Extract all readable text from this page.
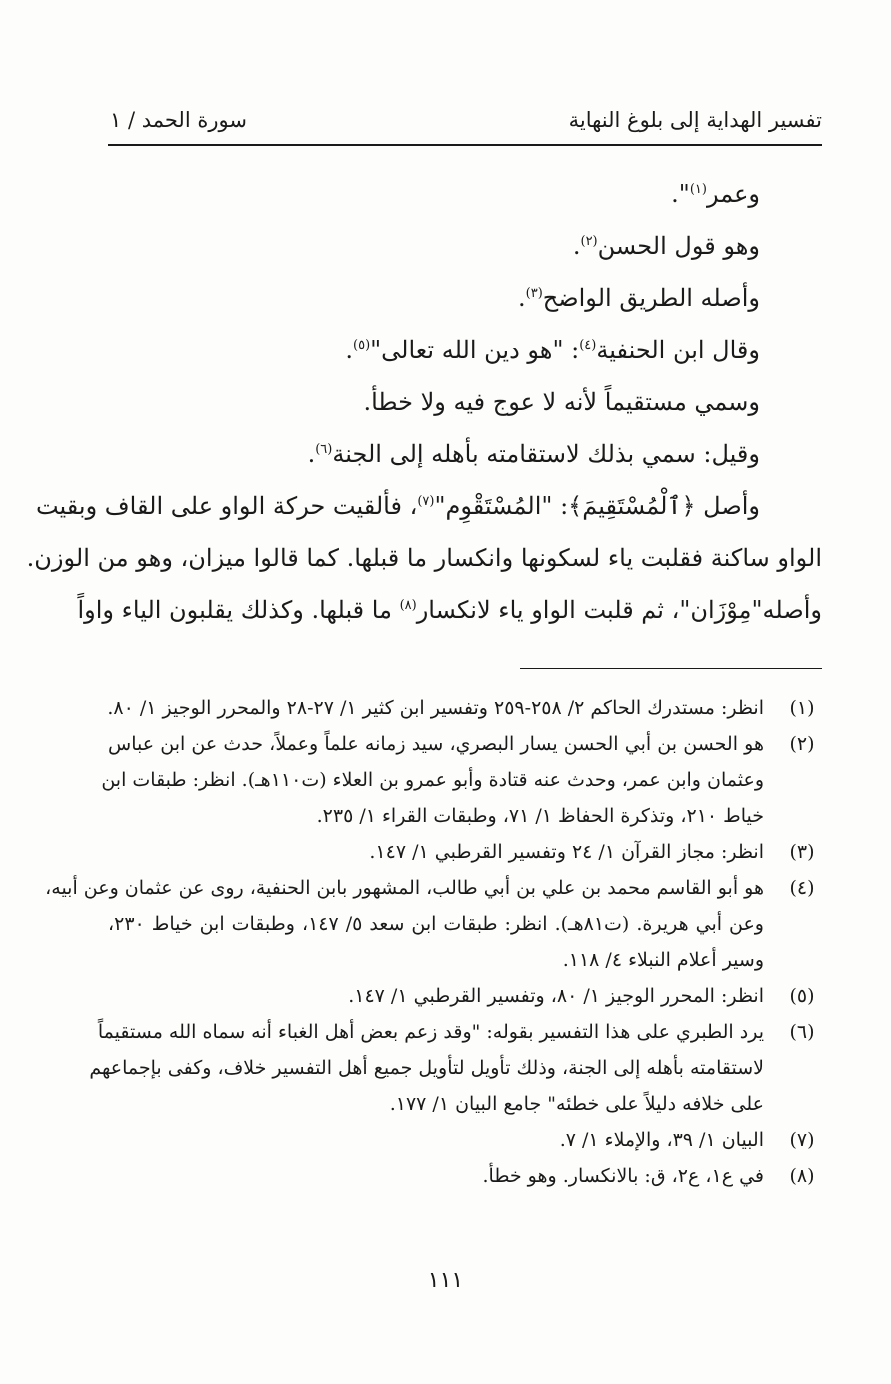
تفسير الهداية إلى بلوغ النهاية
سورة الحمد / ١

وعمر$^{(١)}$".

وهو قول الحسن$^{(٢)}$.

وأصله الطريق الواضح$^{(٣)}$.

وقال ابن الحنفية$^{(٤)}$: "هو دين الله تعالى"$^{(٥)}$.

وسمي مستقيماً لأنه لا عوج فيه ولا خطأ.

وقيل: سمي بذلك لاستقامته بأهله إلى الجنة$^{(٦)}$.

وأصل ﴿ٱلْمُسْتَقِيمَ﴾: "المُسْتَقْوِم"$^{(٧)}$، فألقيت حركة الواو على القاف وبقيت

الواو ساكنة فقلبت ياء لسكونها وانكسار ما قبلها. كما قالوا ميزان، وهو من الوزن.

وأصله"مِوْزَان"، ثم قلبت الواو ياء لانكسار$^{(٨)}$ ما قبلها. وكذلك يقلبون الياء واواً

(١)
انظر: مستدرك الحاكم ٢/ ٢٥٨-٢٥٩ وتفسير ابن كثير ١/ ٢٧-٢٨ والمحرر الوجيز ١/ ٨٠.
(٢)
هو الحسن بن أبي الحسن يسار البصري، سيد زمانه علماً وعملاً، حدث عن ابن عباس
وعثمان وابن عمر، وحدث عنه قتادة وأبو عمرو بن العلاء (ت١١٠هـ). انظر: طبقات ابن
خياط ٢١٠، وتذكرة الحفاظ ١/ ٧١، وطبقات القراء ١/ ٢٣٥.
(٣)
انظر: مجاز القرآن ١/ ٢٤ وتفسير القرطبي ١/ ١٤٧.
(٤)
هو أبو القاسم محمد بن علي بن أبي طالب، المشهور بابن الحنفية، روى عن عثمان وعن أبيه،
وعن أبي هريرة. (ت٨١هـ). انظر: طبقات ابن سعد ٥/ ١٤٧، وطبقات ابن خياط ٢٣٠،
وسير أعلام النبلاء ٤/ ١١٨.
(٥)
انظر: المحرر الوجيز ١/ ٨٠، وتفسير القرطبي ١/ ١٤٧.
(٦)
يرد الطبري على هذا التفسير بقوله: "وقد زعم بعض أهل الغباء أنه سماه الله مستقيماً
لاستقامته بأهله إلى الجنة، وذلك تأويل لتأويل جميع أهل التفسير خلاف، وكفى بإجماعهم
على خلافه دليلاً على خطئه" جامع البيان ١/ ١٧٧.
(٧)
البيان ١/ ٣٩، والإملاء ١/ ٧.
(٨)
في ع١، ع٢، ق: بالانكسار. وهو خطأ.
١١١
